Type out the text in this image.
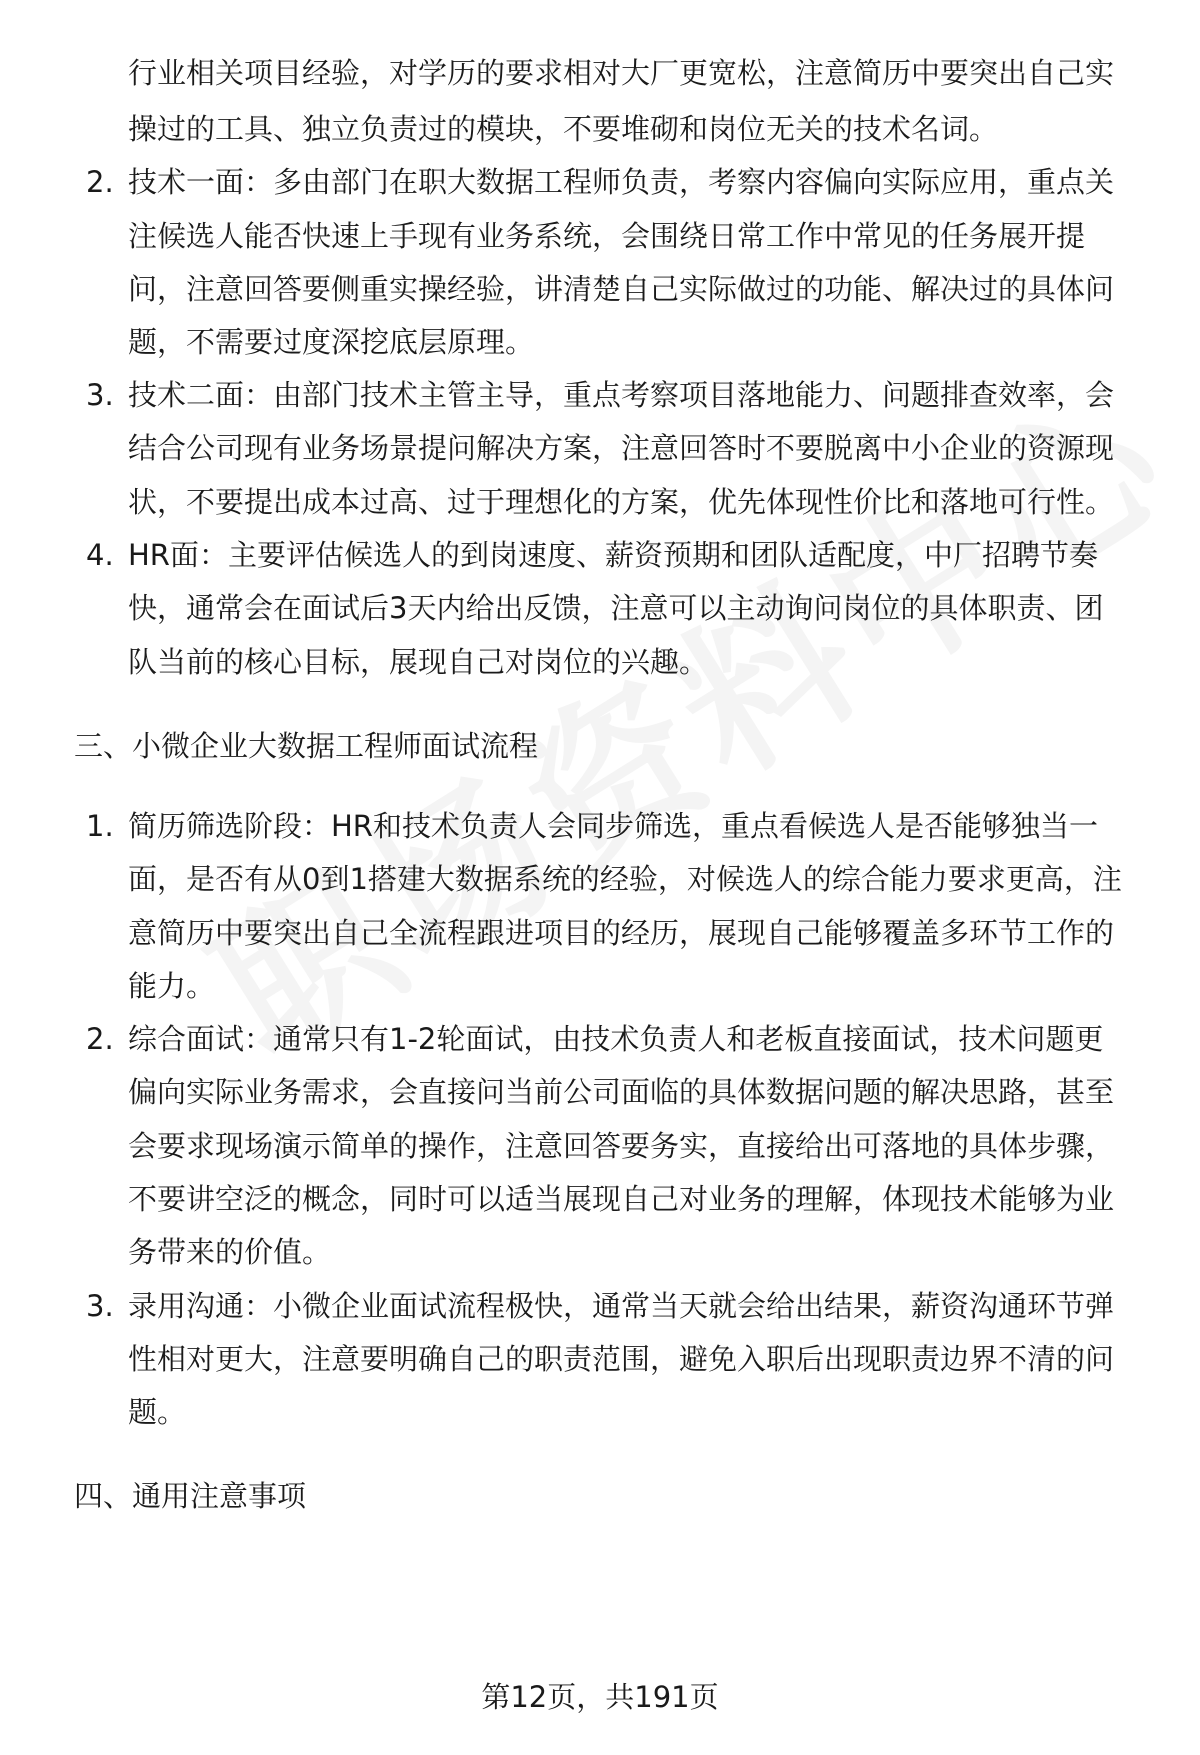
行业相关项目经验，对学历的要求相对大厂更宽松，注意简历中要突出自己实
操过的工具、独立负责过的模块，不要堆砌和岗位无关的技术名词。
2. 技术一面：多由部门在职大数据工程师负责，考察内容偏向实际应用，重点关
注候选人能否快速上手现有业务系统，会围绕日常工作中常见的任务展开提
问，注意回答要侧重实操经验，讲清楚自己实际做过的功能、解决过的具体问
题，不需要过度深挖底层原理。
3. 技术二面：由部门技术主管主导，重点考察项目落地能力、问题排查效率，会
结合公司现有业务场景提问解决方案，注意回答时不要脱离中小企业的资源现
状，不要提出成本过高、过于理想化的方案，优先体现性价比和落地可行性。
4. HR面：主要评估候选人的到岗速度、薪资预期和团队适配度，中厂招聘节奏
快，通常会在面试后3天内给出反馈，注意可以主动询问岗位的具体职责、团
队当前的核心目标，展现自己对岗位的兴趣。
三、小微企业大数据工程师面试流程
1. 简历筛选阶段：HR和技术负责人会同步筛选，重点看候选人是否能够独当一
面，是否有从0到1搭建大数据系统的经验，对候选人的综合能力要求更高，注
意简历中要突出自己全流程跟进项目的经历，展现自己能够覆盖多环节工作的
能力。
2. 综合面试：通常只有1-2轮面试，由技术负责人和老板直接面试，技术问题更
偏向实际业务需求，会直接问当前公司面临的具体数据问题的解决思路，甚至
会要求现场演示简单的操作，注意回答要务实，直接给出可落地的具体步骤，
不要讲空泛的概念，同时可以适当展现自己对业务的理解，体现技术能够为业
务带来的价值。
3. 录用沟通：小微企业面试流程极快，通常当天就会给出结果，薪资沟通环节弹
性相对更大，注意要明确自己的职责范围，避免入职后出现职责边界不清的问
题。
四、通用注意事项
第12页，共191页
